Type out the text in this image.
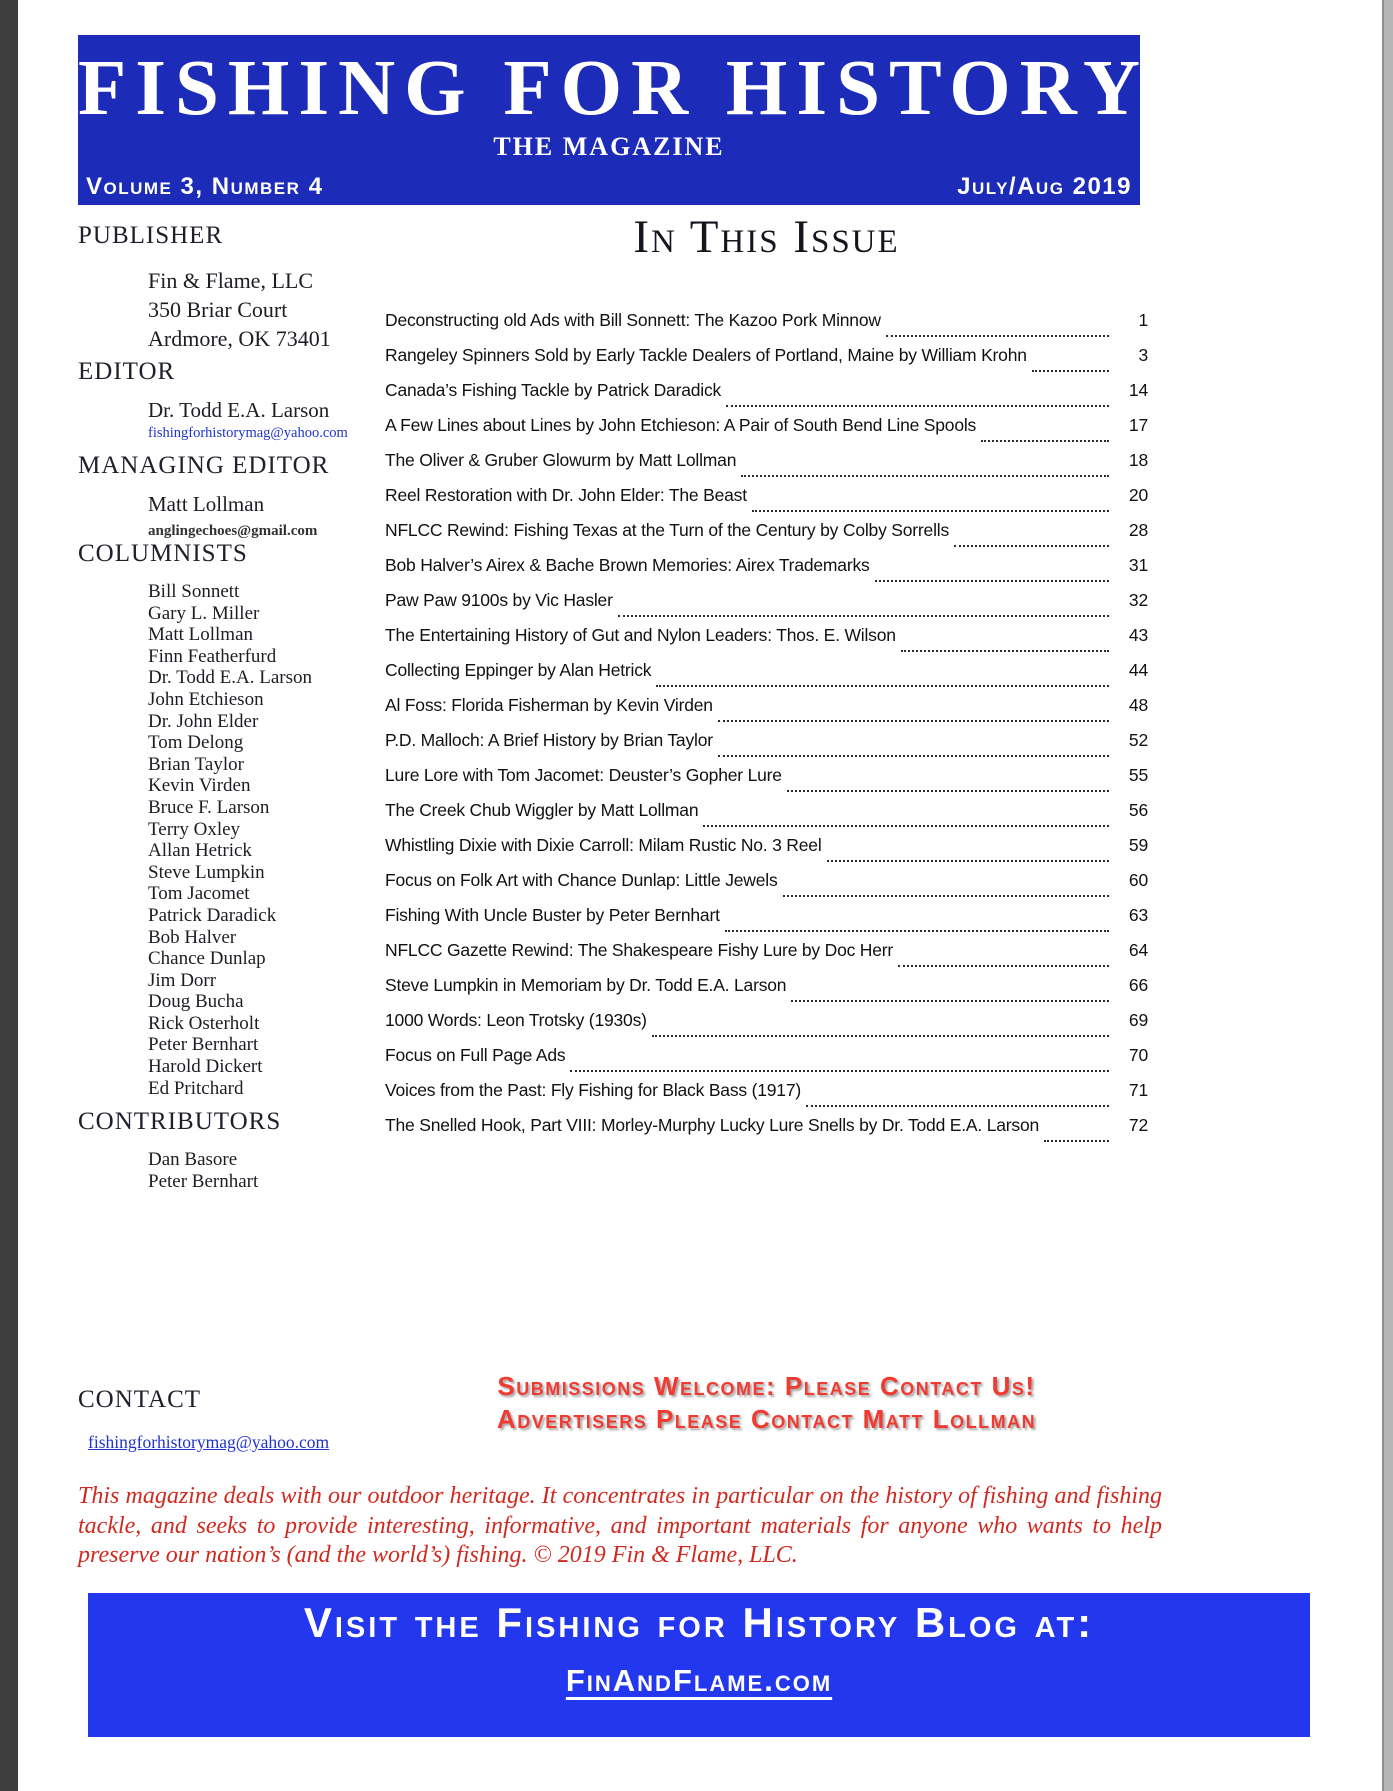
FISHING FOR HISTORY
THE MAGAZINE
Volume 3, Number 4	July/Aug 2019
PUBLISHER
Fin & Flame, LLC
350 Briar Court
Ardmore, OK 73401
EDITOR
Dr. Todd E.A. Larson
fishingforhistorymag@yahoo.com
MANAGING EDITOR
Matt Lollman
anglingechoes@gmail.com
COLUMNISTS
Bill Sonnett
Gary L. Miller
Matt Lollman
Finn Featherfurd
Dr. Todd E.A. Larson
John Etchieson
Dr. John Elder
Tom Delong
Brian Taylor
Kevin Virden
Bruce F. Larson
Terry Oxley
Allan Hetrick
Steve Lumpkin
Tom Jacomet
Patrick Daradick
Bob Halver
Chance Dunlap
Jim Dorr
Doug Bucha
Rick Osterholt
Peter Bernhart
Harold Dickert
Ed Pritchard
CONTRIBUTORS
Dan Basore
Peter Bernhart
CONTACT
fishingforhistorymag@yahoo.com
In This Issue
Deconstructing old Ads with Bill Sonnett: The Kazoo Pork Minnow	1
Rangeley Spinners Sold by Early Tackle Dealers of Portland, Maine by William Krohn	3
Canada’s Fishing Tackle by Patrick Daradick	14
A Few Lines about Lines by John Etchieson: A Pair of South Bend Line Spools	17
The Oliver & Gruber Glowurm by Matt Lollman	18
Reel Restoration with Dr. John Elder: The Beast	20
NFLCC Rewind: Fishing Texas at the Turn of the Century by Colby Sorrells	28
Bob Halver’s Airex & Bache Brown Memories: Airex Trademarks	31
Paw Paw 9100s by Vic Hasler	32
The Entertaining History of Gut and Nylon Leaders: Thos. E. Wilson	43
Collecting Eppinger by Alan Hetrick	44
Al Foss: Florida Fisherman by Kevin Virden	48
P.D. Malloch: A Brief History by Brian Taylor	52
Lure Lore with Tom Jacomet: Deuster’s Gopher Lure	55
The Creek Chub Wiggler by Matt Lollman	56
Whistling Dixie with Dixie Carroll: Milam Rustic No. 3 Reel	59
Focus on Folk Art with Chance Dunlap: Little Jewels	60
Fishing With Uncle Buster by Peter Bernhart	63
NFLCC Gazette Rewind: The Shakespeare Fishy Lure by Doc Herr	64
Steve Lumpkin in Memoriam by Dr. Todd E.A. Larson	66
1000 Words: Leon Trotsky (1930s)	69
Focus on Full Page Ads	70
Voices from the Past: Fly Fishing for Black Bass (1917)	71
The Snelled Hook, Part VIII: Morley-Murphy Lucky Lure Snells by Dr. Todd E.A. Larson	72
Submissions Welcome: Please Contact Us!
Advertisers Please Contact Matt Lollman

This magazine deals with our outdoor heritage. It concentrates in particular on the history of fishing and fishing tackle, and seeks to provide interesting, informative, and important materials for anyone who wants to help preserve our nation’s (and the world’s) fishing. © 2019 Fin & Flame, LLC.

Visit the Fishing for History Blog at:
FinAndFlame.com
